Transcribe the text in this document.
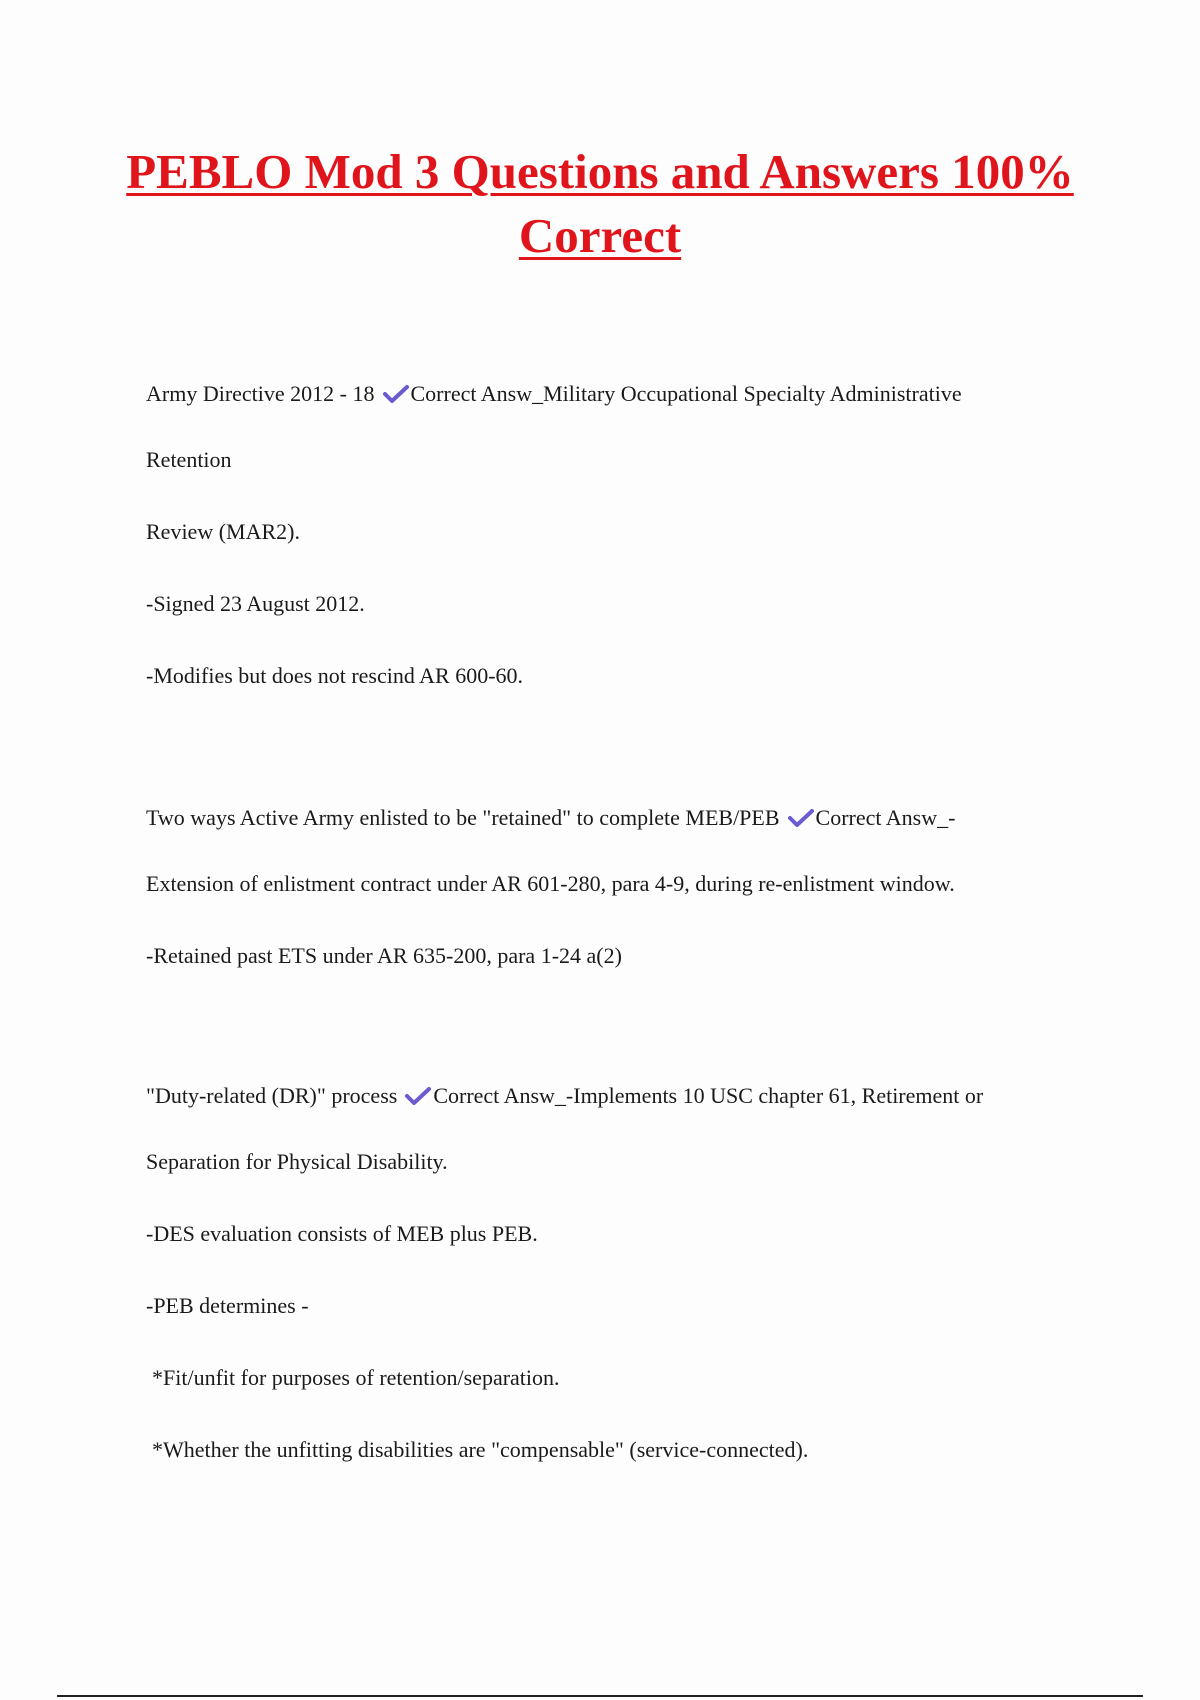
PEBLO Mod 3 Questions and Answers 100% Correct

Army Directive 2012 - 18 Correct Answ_Military Occupational Specialty Administrative

Retention

Review (MAR2).

-Signed 23 August 2012.

-Modifies but does not rescind AR 600-60.

Two ways Active Army enlisted to be "retained" to complete MEB/PEB Correct Answ_-

Extension of enlistment contract under AR 601-280, para 4-9, during re-enlistment window.

-Retained past ETS under AR 635-200, para 1-24 a(2)

"Duty-related (DR)" process Correct Answ_-Implements 10 USC chapter 61, Retirement or

Separation for Physical Disability.

-DES evaluation consists of MEB plus PEB.

-PEB determines -

*Fit/unfit for purposes of retention/separation.

*Whether the unfitting disabilities are "compensable" (service-connected).
